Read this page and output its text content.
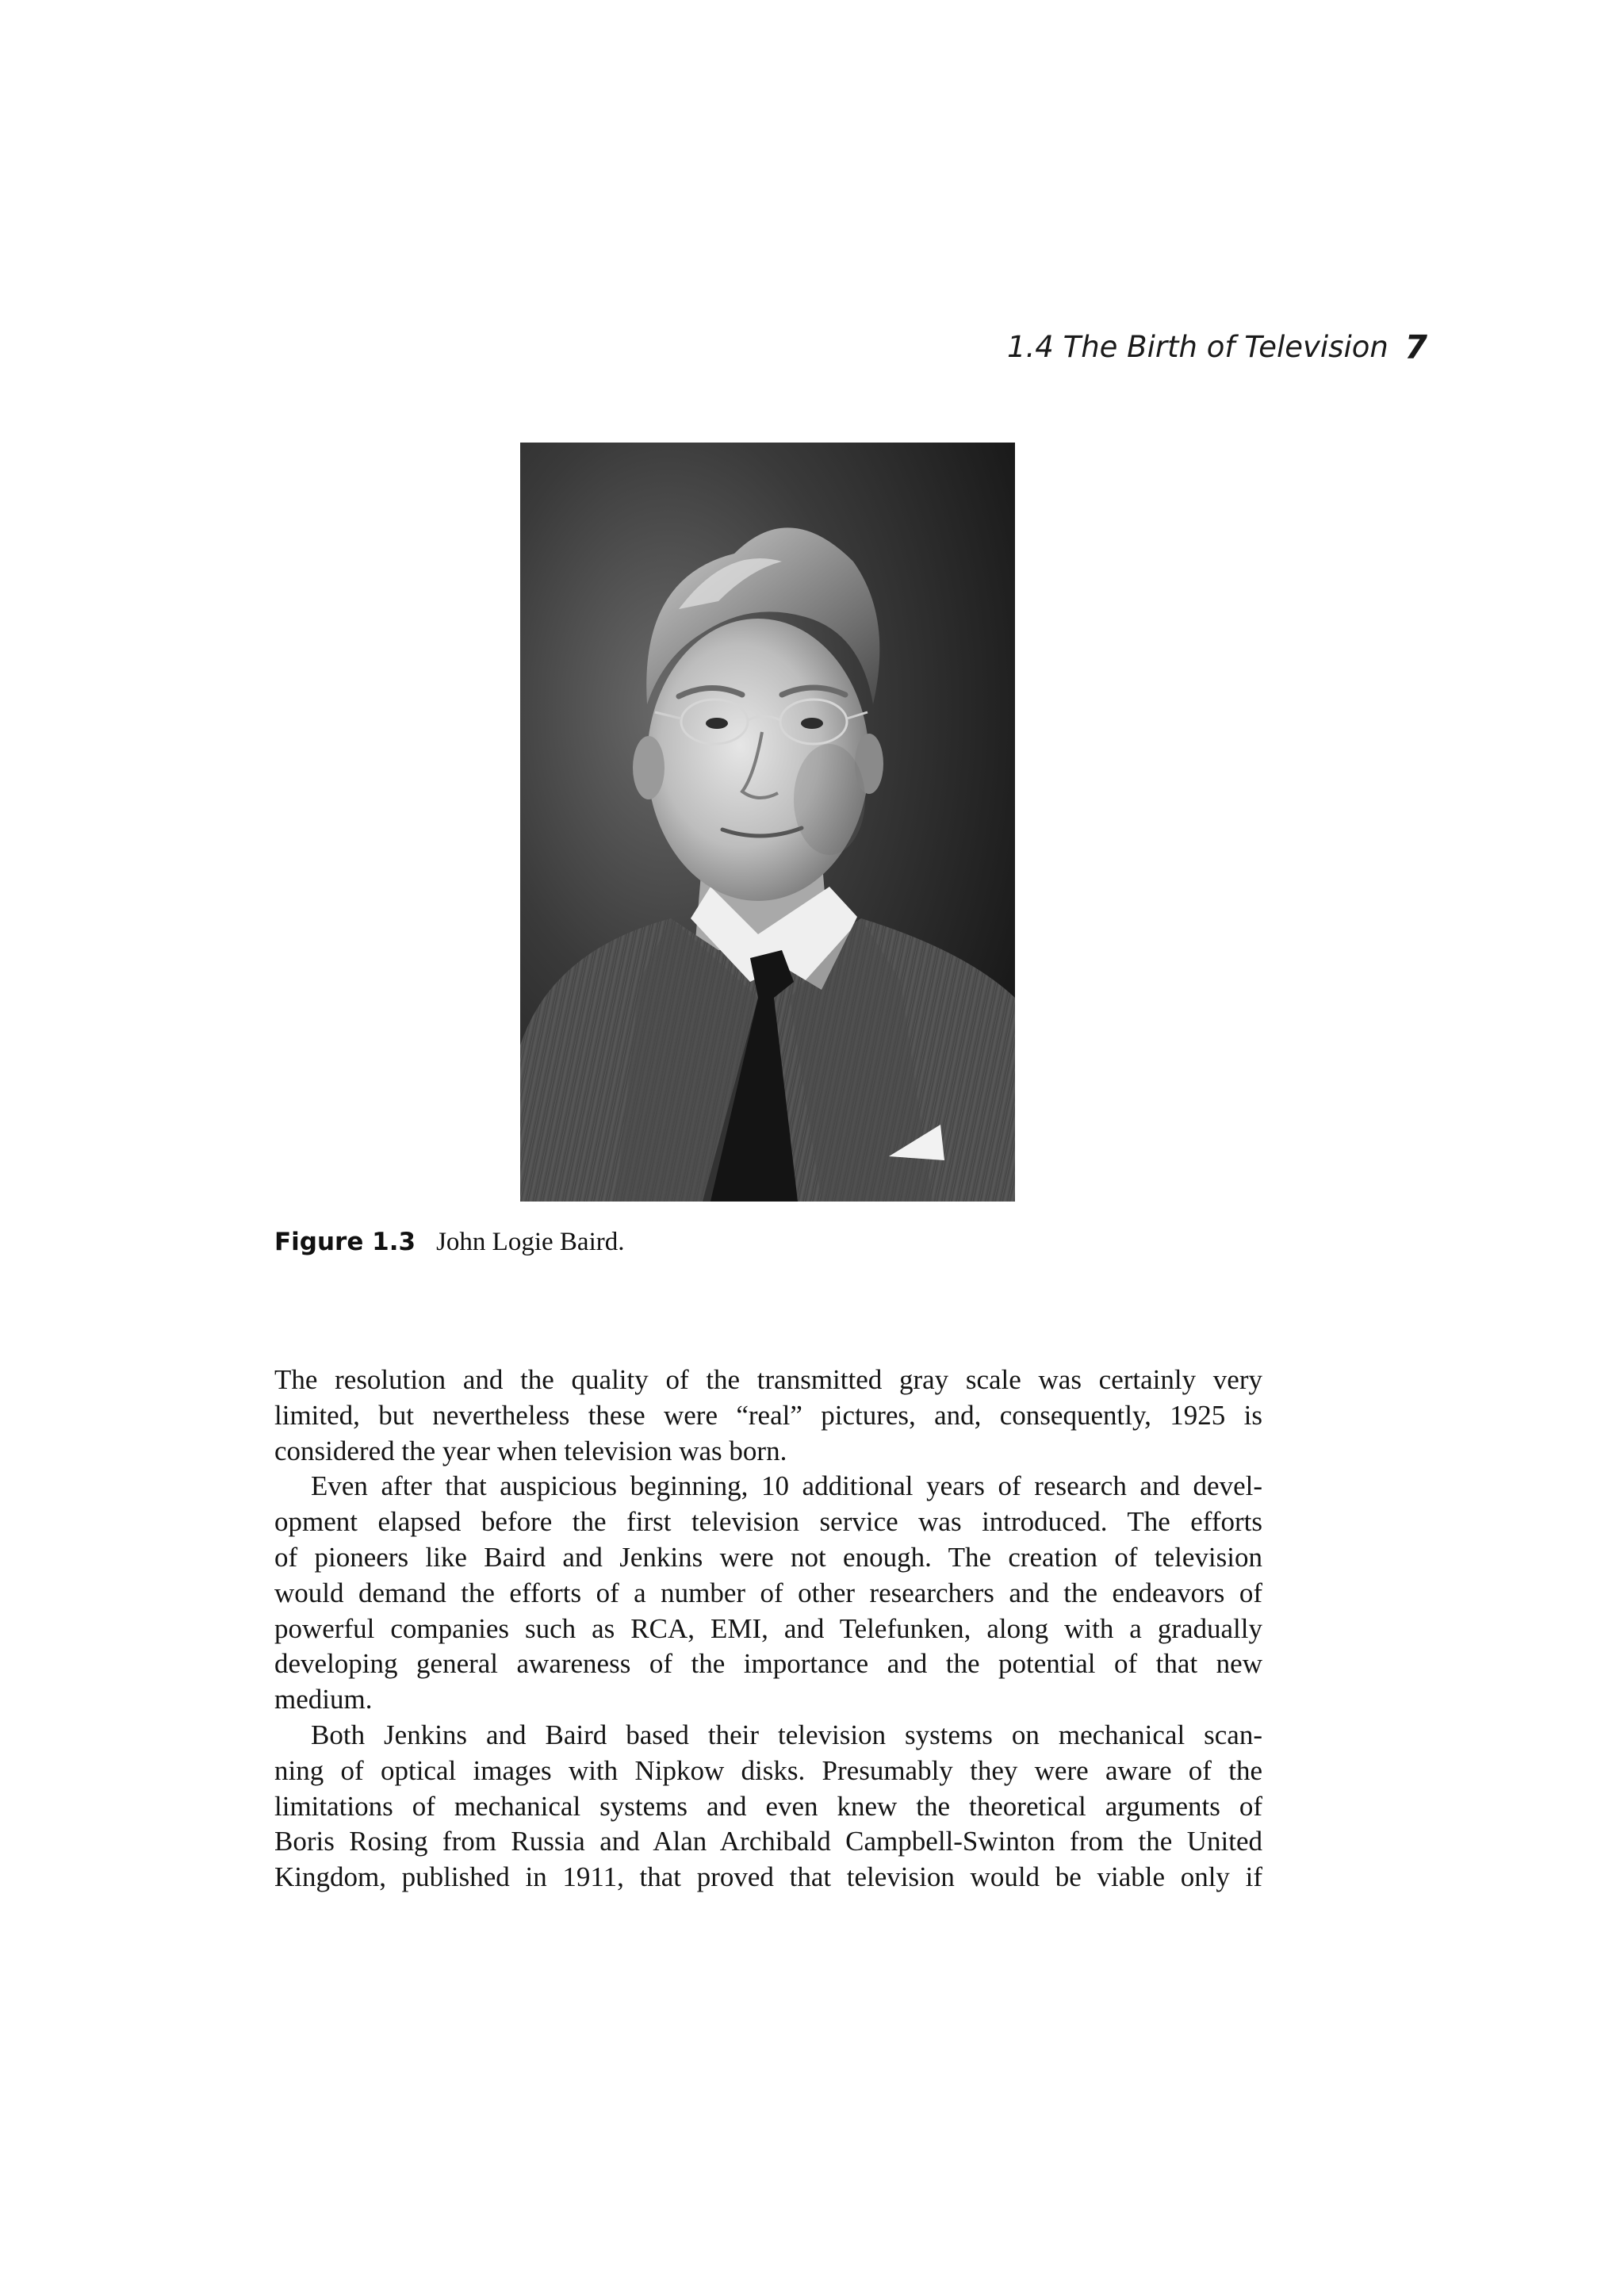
1.4 The Birth of Television 7
Figure 1.3 John Logie Baird.
The resolution and the quality of the transmitted gray scale was certainly very
limited, but nevertheless these were “real” pictures, and, consequently, 1925 is
considered the year when television was born.
Even after that auspicious beginning, 10 additional years of research and devel-
opment elapsed before the first television service was introduced. The efforts
of pioneers like Baird and Jenkins were not enough. The creation of television
would demand the efforts of a number of other researchers and the endeavors of
powerful companies such as RCA, EMI, and Telefunken, along with a gradually
developing general awareness of the importance and the potential of that new
medium.
Both Jenkins and Baird based their television systems on mechanical scan-
ning of optical images with Nipkow disks. Presumably they were aware of the
limitations of mechanical systems and even knew the theoretical arguments of
Boris Rosing from Russia and Alan Archibald Campbell-Swinton from the United
Kingdom, published in 1911, that proved that television would be viable only if
